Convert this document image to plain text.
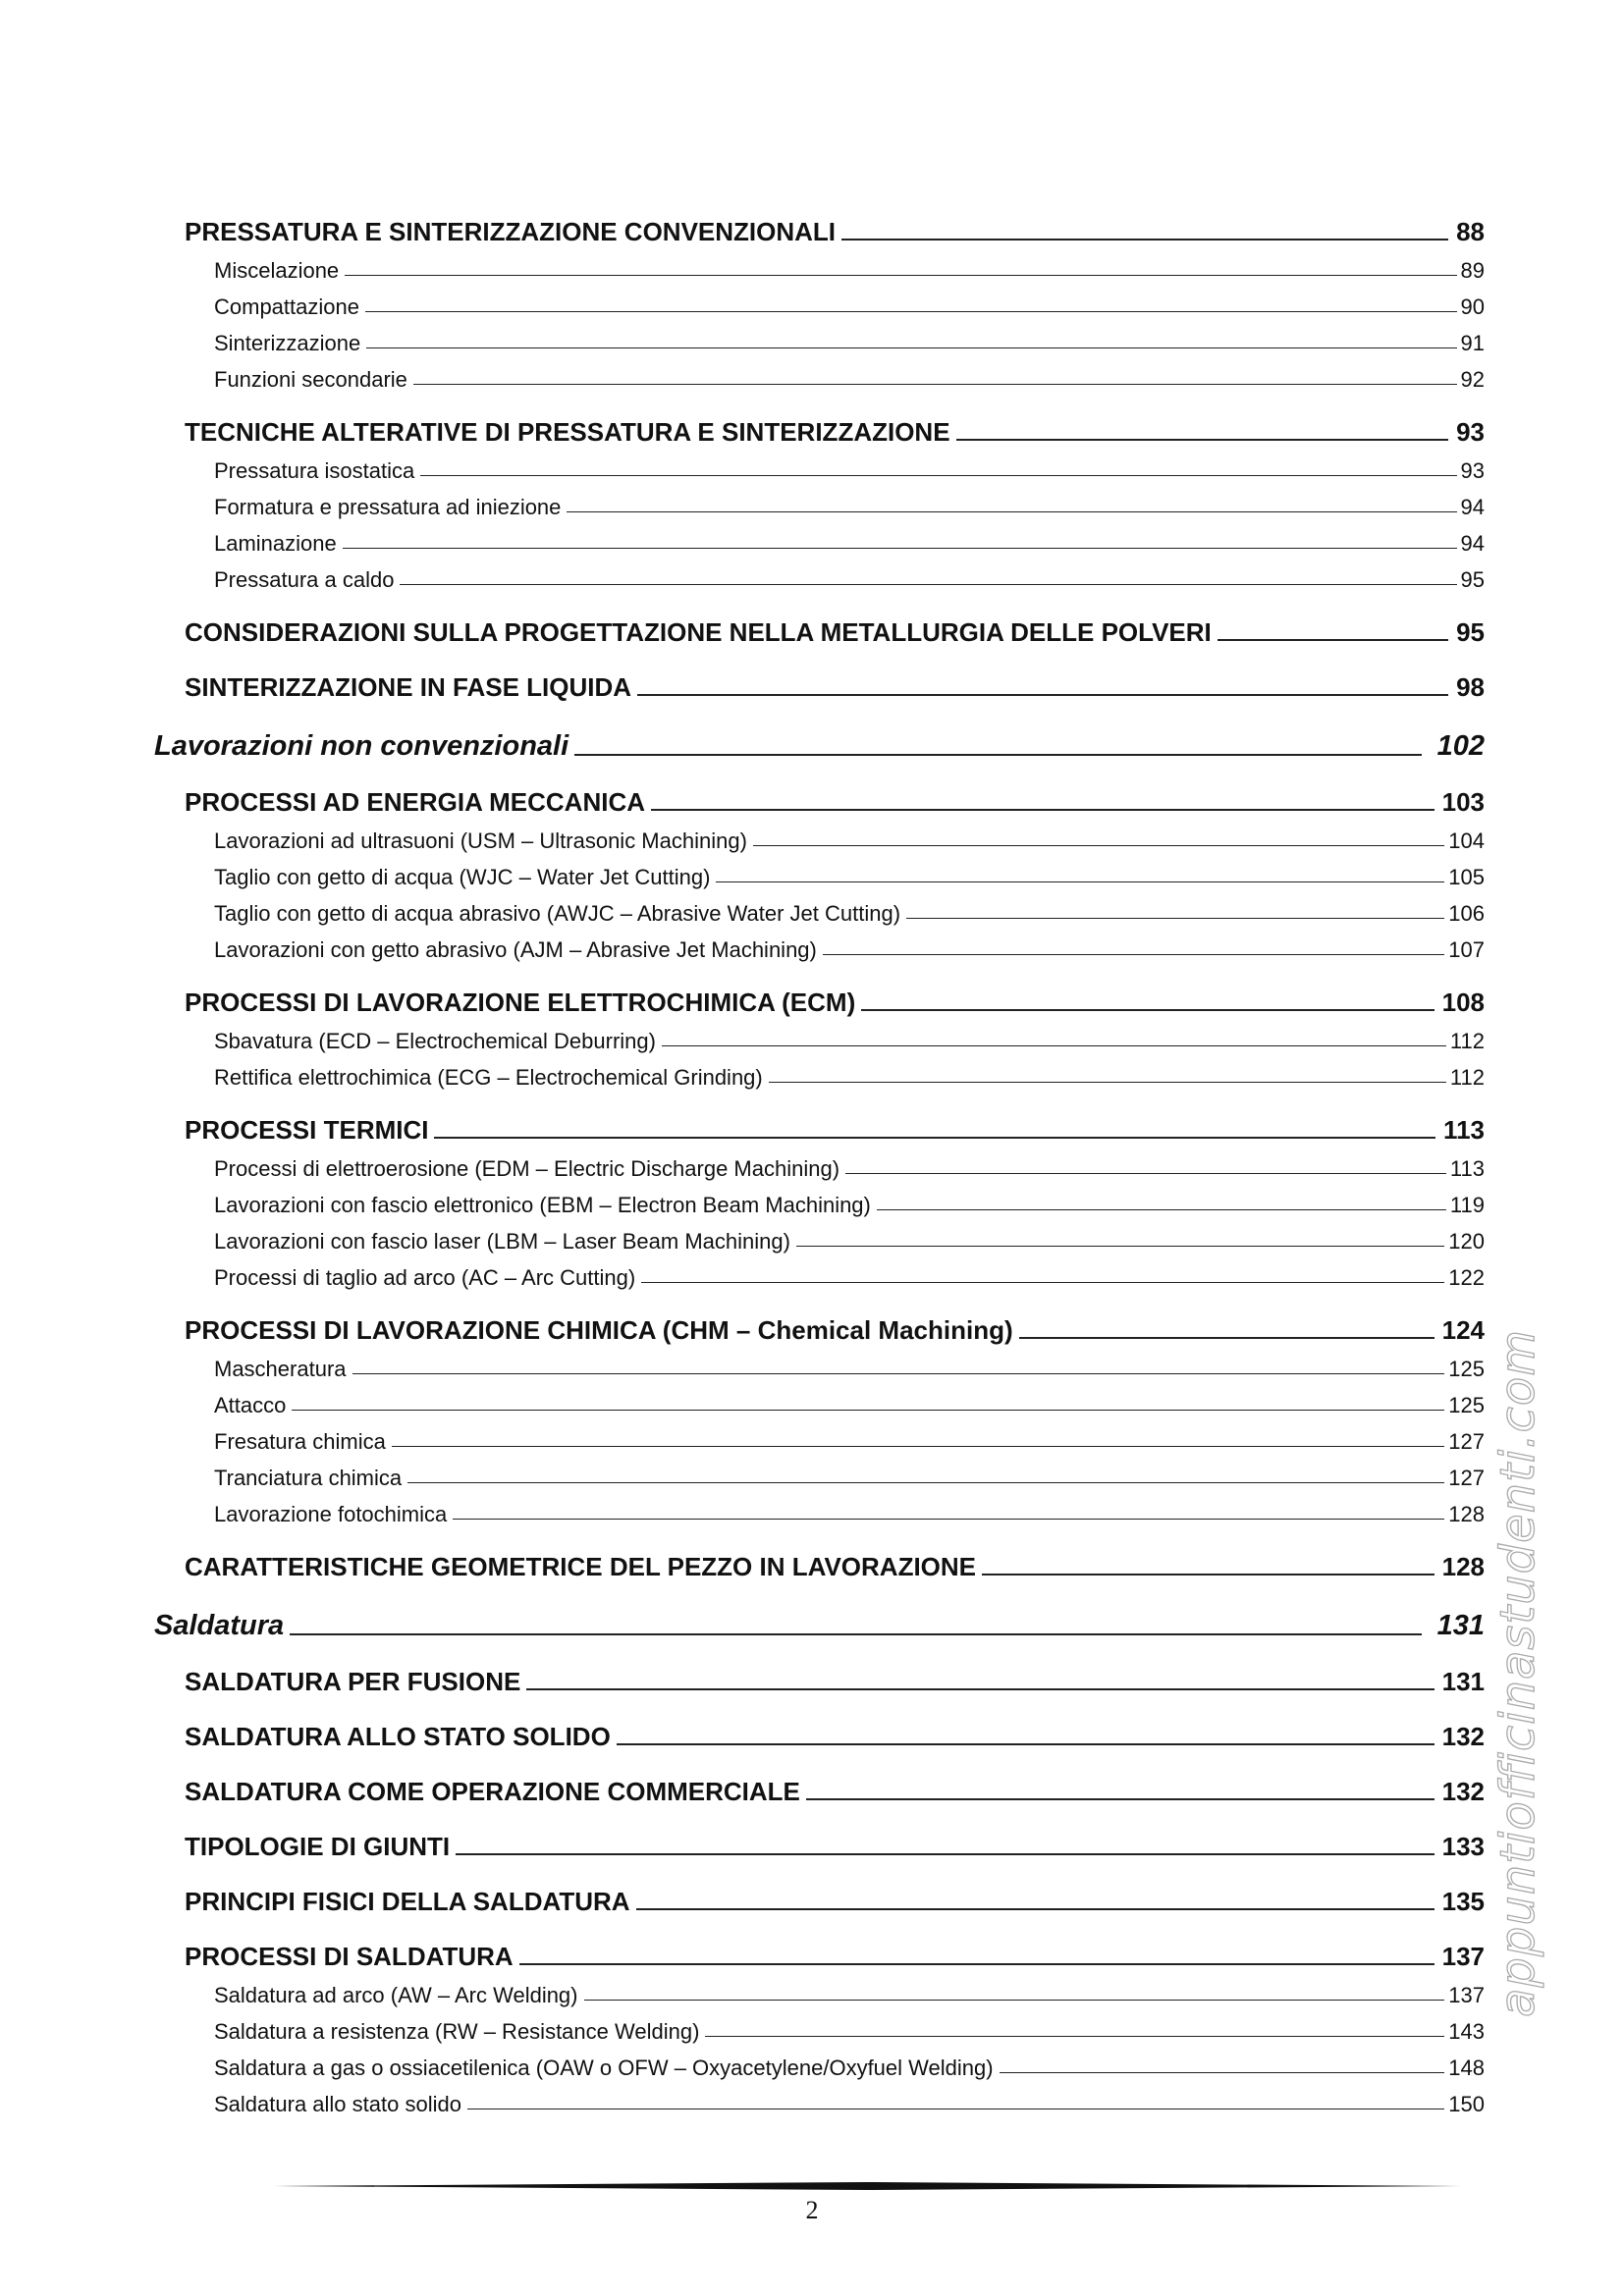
PRESSATURA E SINTERIZZAZIONE CONVENZIONALI	88
Miscelazione	89
Compattazione	90
Sinterizzazione	91
Funzioni secondarie	92
TECNICHE ALTERATIVE DI PRESSATURA E SINTERIZZAZIONE	93
Pressatura isostatica	93
Formatura e pressatura ad iniezione	94
Laminazione	94
Pressatura a caldo	95
CONSIDERAZIONI SULLA PROGETTAZIONE NELLA METALLURGIA DELLE POLVERI	95
SINTERIZZAZIONE IN FASE LIQUIDA	98
Lavorazioni non convenzionali	102
PROCESSI AD ENERGIA MECCANICA	103
Lavorazioni ad ultrasuoni (USM – Ultrasonic Machining)	104
Taglio con getto di acqua (WJC – Water Jet Cutting)	105
Taglio con getto di acqua abrasivo (AWJC – Abrasive Water Jet Cutting)	106
Lavorazioni con getto abrasivo (AJM – Abrasive Jet Machining)	107
PROCESSI DI LAVORAZIONE ELETTROCHIMICA (ECM)	108
Sbavatura (ECD – Electrochemical Deburring)	112
Rettifica elettrochimica (ECG – Electrochemical Grinding)	112
PROCESSI TERMICI	113
Processi di elettroerosione (EDM – Electric Discharge Machining)	113
Lavorazioni con fascio elettronico (EBM – Electron Beam Machining)	119
Lavorazioni con fascio laser (LBM – Laser Beam Machining)	120
Processi di taglio ad arco (AC – Arc Cutting)	122
PROCESSI DI LAVORAZIONE CHIMICA (CHM – Chemical Machining)	124
Mascheratura	125
Attacco	125
Fresatura chimica	127
Tranciatura chimica	127
Lavorazione fotochimica	128
CARATTERISTICHE GEOMETRICE DEL PEZZO IN LAVORAZIONE	128
Saldatura	131
SALDATURA PER FUSIONE	131
SALDATURA ALLO STATO SOLIDO	132
SALDATURA COME OPERAZIONE COMMERCIALE	132
TIPOLOGIE DI GIUNTI	133
PRINCIPI FISICI DELLA SALDATURA	135
PROCESSI DI SALDATURA	137
Saldatura ad arco (AW – Arc Welding)	137
Saldatura a resistenza (RW – Resistance Welding)	143
Saldatura a gas o ossiacetilenica (OAW o OFW – Oxyacetylene/Oxyfuel Welding)	148
Saldatura allo stato solido	150
2
appuntiofficinastudenti.com
